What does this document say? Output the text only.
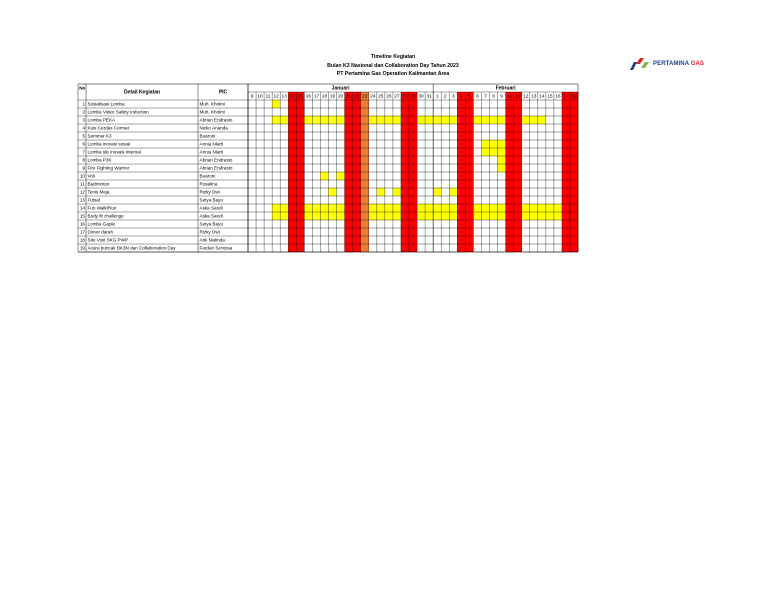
Timeline Kegiatan
Bulan K3 Nasional dan Collaboration Day Tahun 2023
PT Pertamina Gas Operation Kalimantan Area
PERTAMINA GAS
No
Detail Kegiatan	PIC
Januari	Februari
9 10 11 12 13 14 15 16 17 18 19 20 21 22 23 24 25 26 27 28 29 30 31 1 2 3 4 5 6 7 8 9 10 11 12 13 14 15 16 17 18
1 Sosialisasi Lomba	Muh. Kholmi
2 Lomba Video Safety Induction	Muh. Kholmi
3 Lomba PEKA	Abrian Endrasto
4 Kuis Cerdas Cermat	Nicko Ananda
5 Seminar K3	Buaroni
6 Lomba inovasi sosial	Annia Nlarti
7 Lomba ide inovasi internal	Annia Nlarti
8 Lomba P3K	Abrian Endrasto
9 Fire Fighting Warrior	Abrian Endrasto
10 Voli	Buaroni
11 Badminton	Rosalina
12 Tenis Meja	Rizky Dwi
13 Futsal	Setya Bayu
14 Fun Walk/Run	Aska Sandi
15 Body fit challenge	Aska Sandi
16 Lomba Gaple	Setya Bayu
17 Donor darah	Rizky Dwi
18 Site Visit SKG PWP	Arik Malinda
19 Acara puncak BK3N dan Collaboration Day	Fardan Sentosa
